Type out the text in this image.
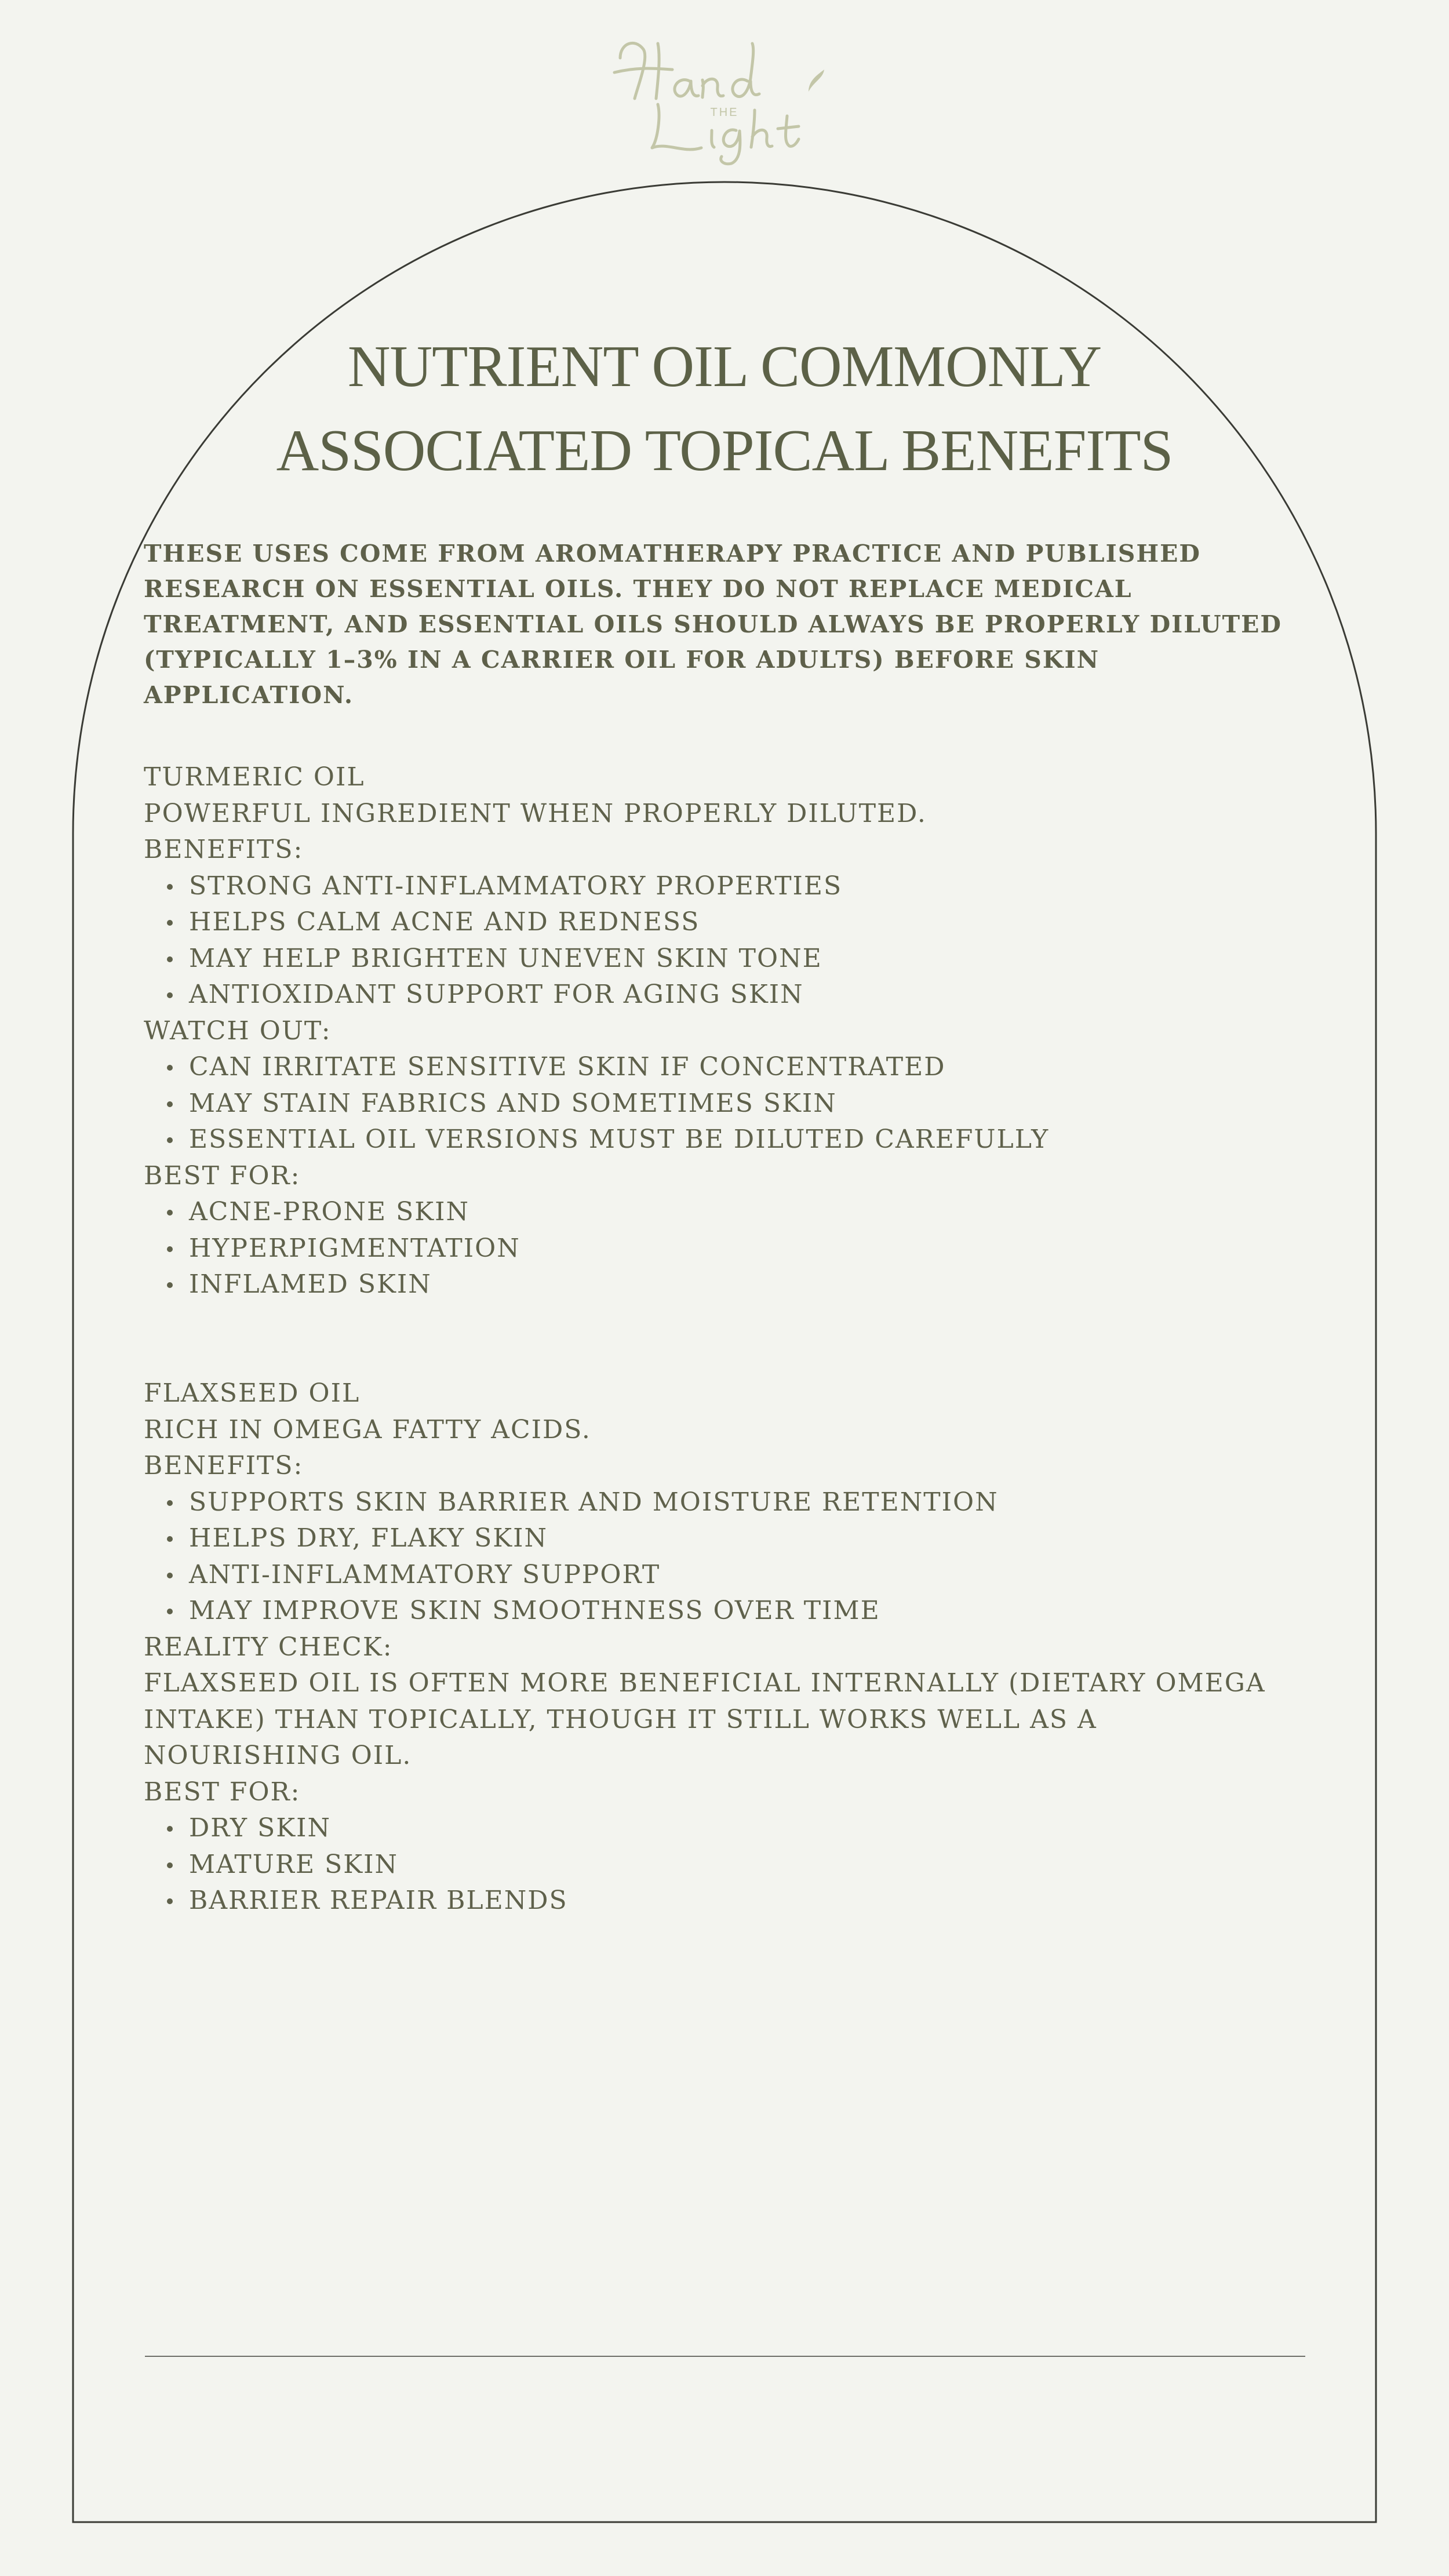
THE
NUTRIENT OIL COMMONLY
ASSOCIATED TOPICAL BENEFITS

THESE USES COME FROM AROMATHERAPY PRACTICE AND PUBLISHED RESEARCH ON ESSENTIAL OILS. THEY DO NOT REPLACE MEDICAL TREATMENT, AND ESSENTIAL OILS SHOULD ALWAYS BE PROPERLY DILUTED (TYPICALLY 1–3% IN A CARRIER OIL FOR ADULTS) BEFORE SKIN APPLICATION.

TURMERIC OIL
POWERFUL INGREDIENT WHEN PROPERLY DILUTED.
BENEFITS:
STRONG ANTI-INFLAMMATORY PROPERTIES
HELPS CALM ACNE AND REDNESS
MAY HELP BRIGHTEN UNEVEN SKIN TONE
ANTIOXIDANT SUPPORT FOR AGING SKIN
WATCH OUT:
CAN IRRITATE SENSITIVE SKIN IF CONCENTRATED
MAY STAIN FABRICS AND SOMETIMES SKIN
ESSENTIAL OIL VERSIONS MUST BE DILUTED CAREFULLY
BEST FOR:
ACNE-PRONE SKIN
HYPERPIGMENTATION
INFLAMED SKIN
FLAXSEED OIL
RICH IN OMEGA FATTY ACIDS.
BENEFITS:
SUPPORTS SKIN BARRIER AND MOISTURE RETENTION
HELPS DRY, FLAKY SKIN
ANTI-INFLAMMATORY SUPPORT
MAY IMPROVE SKIN SMOOTHNESS OVER TIME
REALITY CHECK:
FLAXSEED OIL IS OFTEN MORE BENEFICIAL INTERNALLY (DIETARY OMEGA INTAKE) THAN TOPICALLY, THOUGH IT STILL WORKS WELL AS A NOURISHING OIL.
BEST FOR:
DRY SKIN
MATURE SKIN
BARRIER REPAIR BLENDS
